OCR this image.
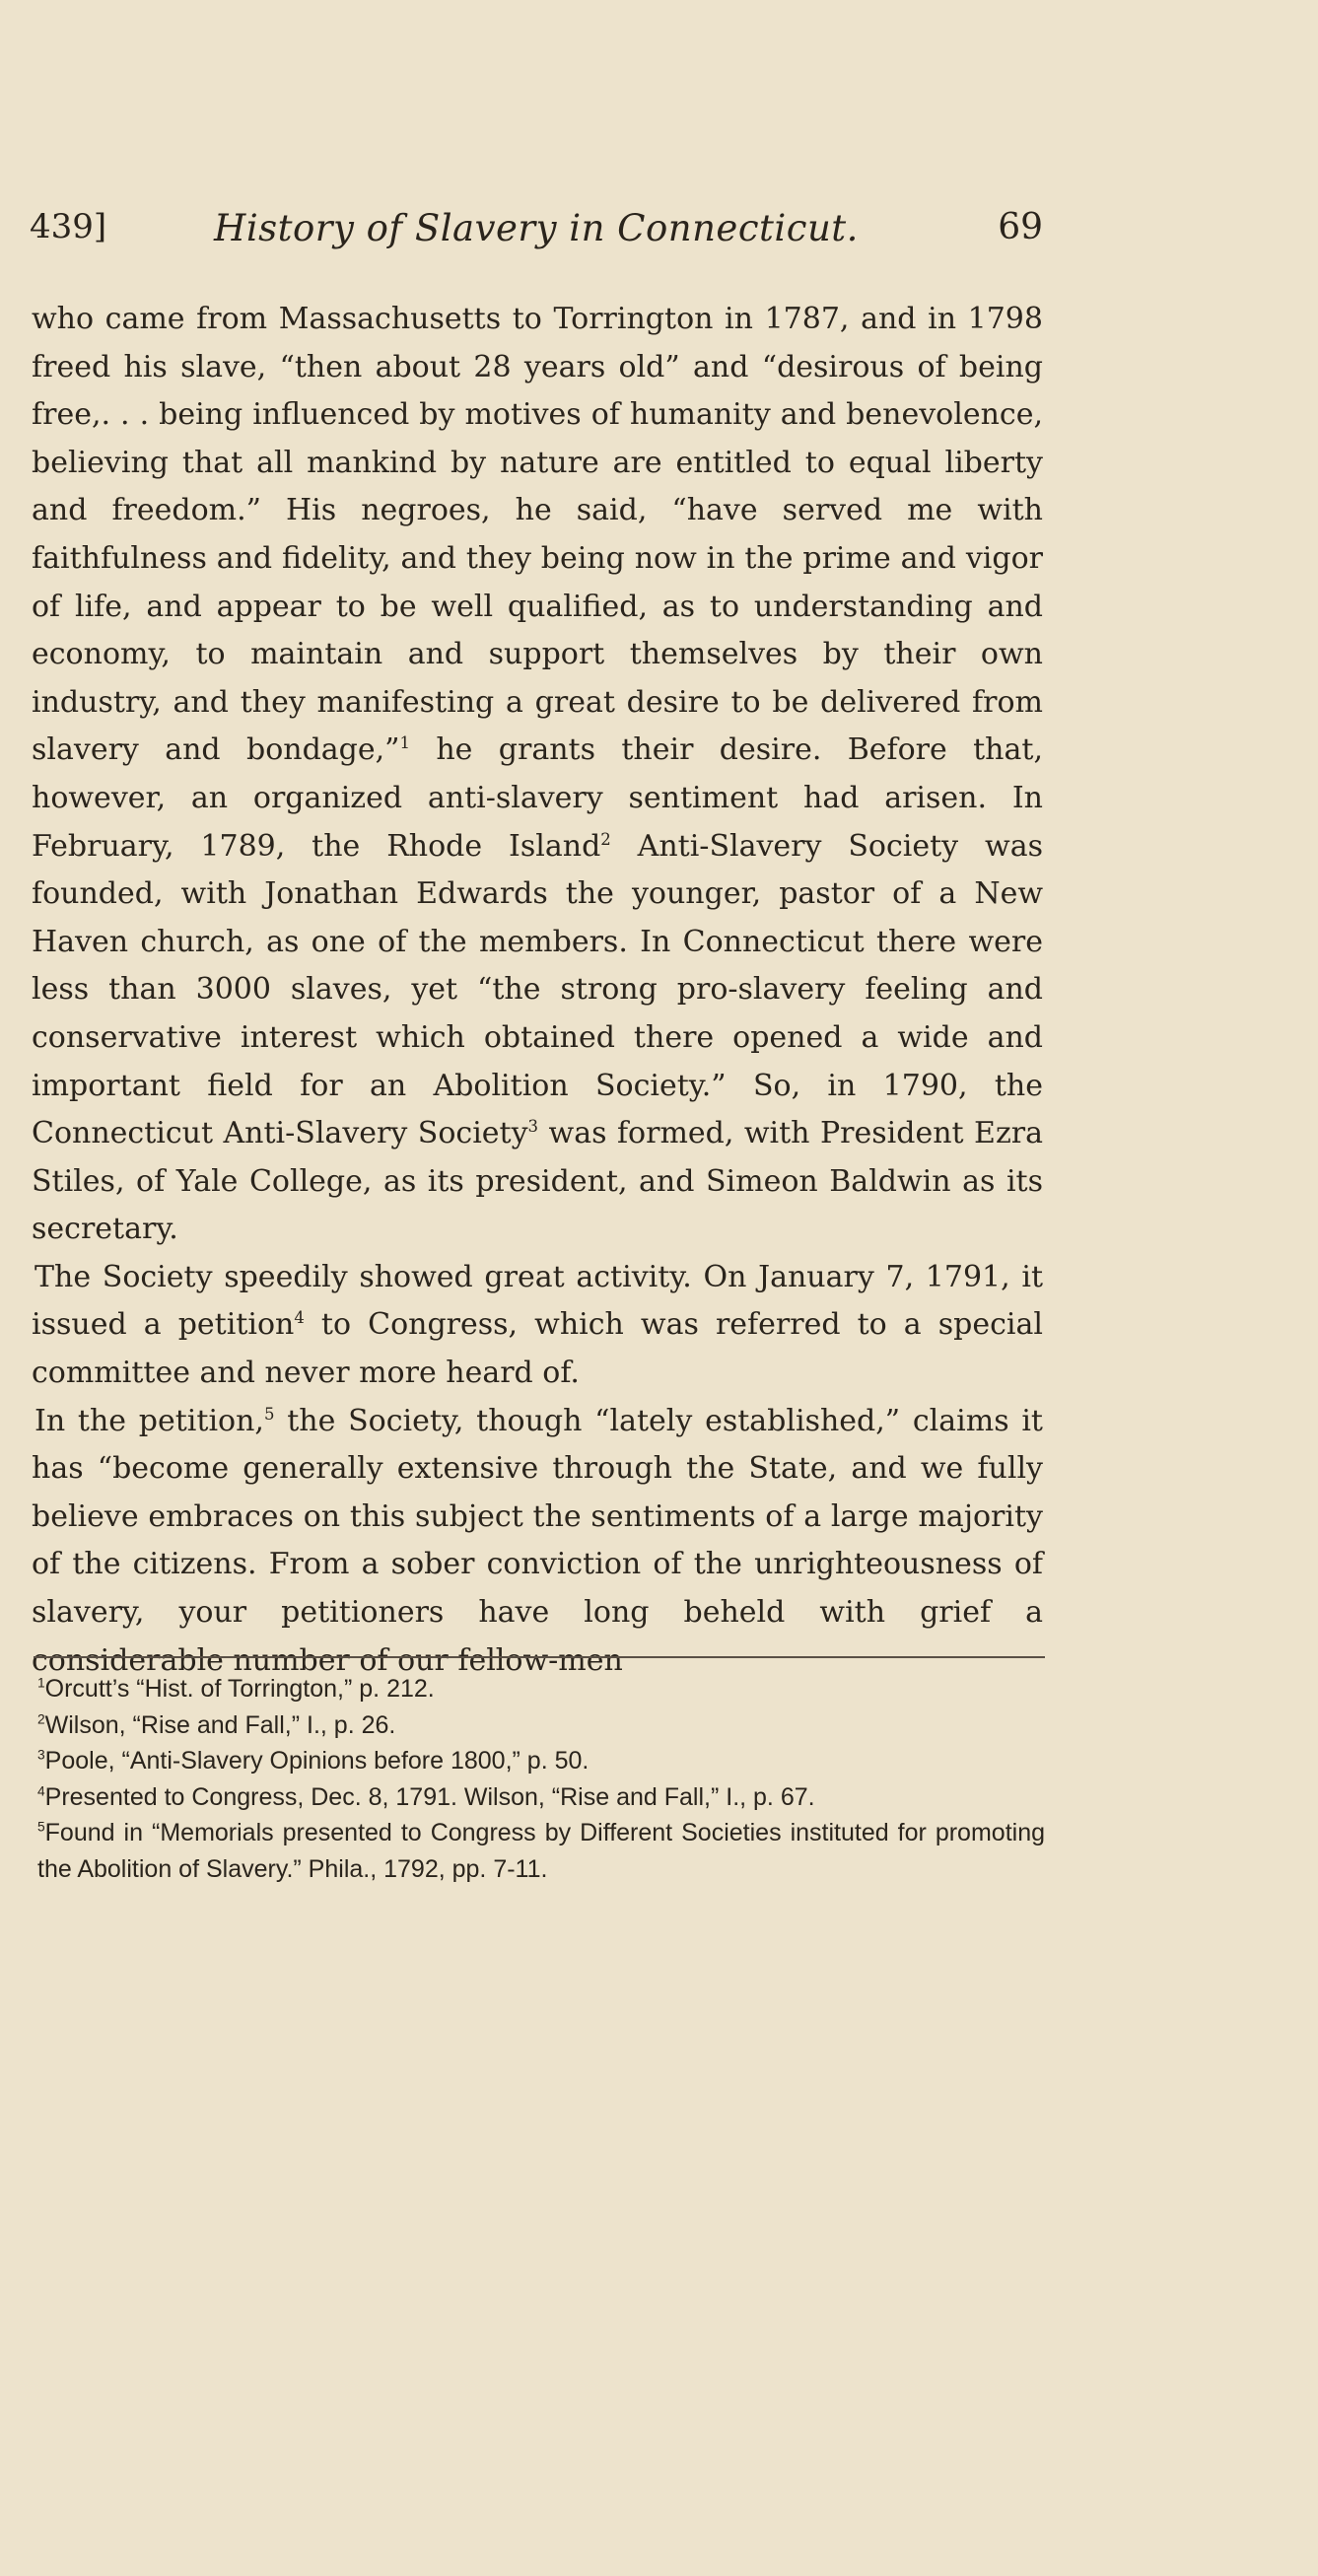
439]	History of Slavery in Connecticut.	69

who came from Massachusetts to Torrington in 1787, and in 1798 freed his slave, “then about 28 years old” and “desirous of being free,. . . being influenced by motives of humanity and benevolence, believing that all mankind by nature are entitled to equal liberty and freedom.” His negroes, he said, “have served me with faithfulness and fidelity, and they being now in the prime and vigor of life, and appear to be well qualified, as to understanding and economy, to maintain and support themselves by their own industry, and they manifesting a great desire to be delivered from slavery and bondage,”$^1$ he grants their desire. Before that, however, an organized anti-slavery sentiment had arisen. In February, 1789, the Rhode Island$^2$ Anti-Slavery Society was founded, with Jonathan Edwards the younger, pastor of a New Haven church, as one of the members. In Connecticut there were less than 3000 slaves, yet “the strong pro-slavery feeling and conservative interest which obtained there opened a wide and important field for an Abolition Society.” So, in 1790, the Connecticut Anti-Slavery Society$^3$ was formed, with President Ezra Stiles, of Yale College, as its president, and Simeon Baldwin as its secretary.

The Society speedily showed great activity. On January 7, 1791, it issued a petition$^4$ to Congress, which was referred to a special committee and never more heard of.

In the petition,$^5$ the Society, though “lately established,” claims it has “become generally extensive through the State, and we fully believe embraces on this subject the sentiments of a large majority of the citizens. From a sober conviction of the unrighteousness of slavery, your petitioners have long beheld with grief a considerable number of our fellow-men

$^1$Orcutt’s “Hist. of Torrington,” p. 212.

$^2$Wilson, “Rise and Fall,” I., p. 26.

$^3$Poole, “Anti-Slavery Opinions before 1800,” p. 50.

$^4$Presented to Congress, Dec. 8, 1791. Wilson, “Rise and Fall,” I., p. 67.

$^5$Found in “Memorials presented to Congress by Different Societies instituted for promoting the Abolition of Slavery.” Phila., 1792, pp. 7-11.
